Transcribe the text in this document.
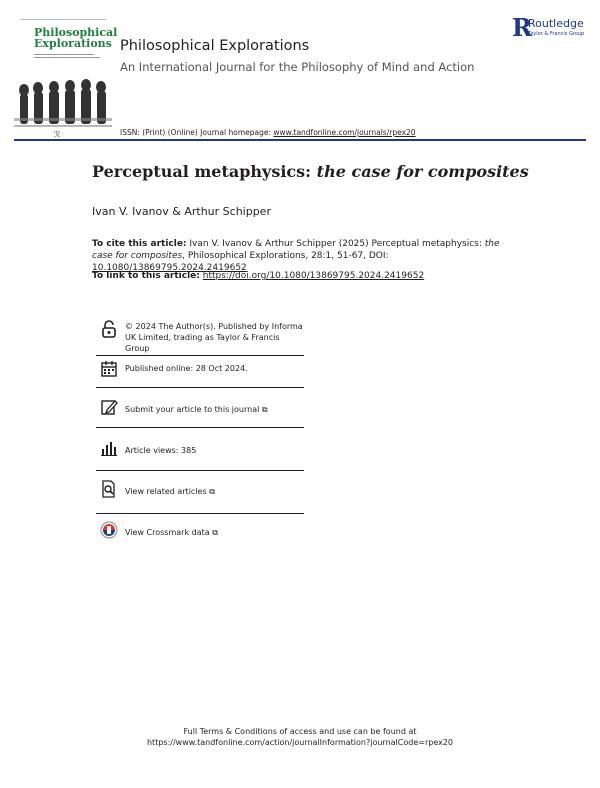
Philosophical Explorations
ℛ
R
Routledge
Taylor & Francis Group
Philosophical Explorations
An International Journal for the Philosophy of Mind and Action
ISSN: (Print) (Online) Journal homepage: www.tandfonline.com/journals/rpex20
Perceptual metaphysics: the case for composites
Ivan V. Ivanov & Arthur Schipper
To cite this article: Ivan V. Ivanov & Arthur Schipper (2025) Perceptual metaphysics: the case for composites, Philosophical Explorations, 28:1, 51-67, DOI: 10.1080/13869795.2024.2419652
To link to this article: https://doi.org/10.1080/13869795.2024.2419652
© 2024 The Author(s). Published by Informa UK Limited, trading as Taylor & Francis Group
Published online: 28 Oct 2024.
Submit your article to this journal ⧉
Article views: 385
View related articles ⧉
View Crossmark data ⧉
Full Terms & Conditions of access and use can be found at
https://www.tandfonline.com/action/journalInformation?journalCode=rpex20
